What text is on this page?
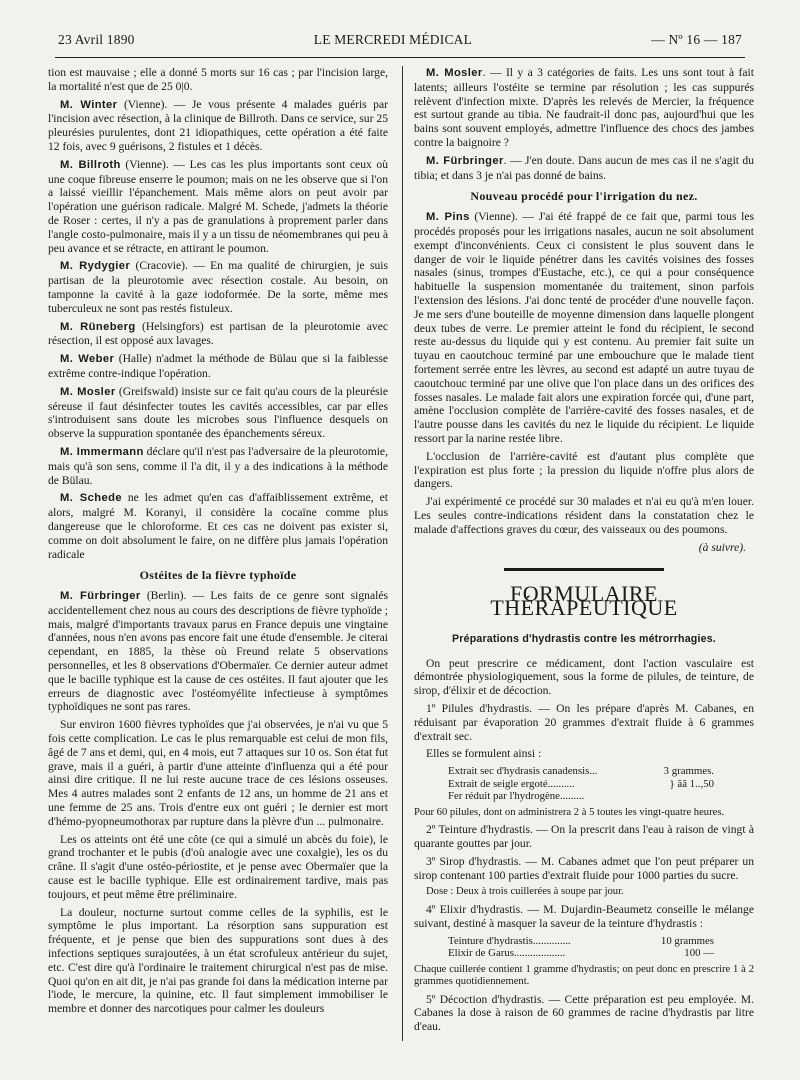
23 Avril 1890	LE MERCREDI MÉDICAL	— Nº 16 — 187

tion est mauvaise ; elle a donné 5 morts sur 16 cas ; par l'incision large, la mortalité n'est que de 25 0|0.

M. Winter (Vienne). — Je vous présente 4 malades guéris par l'incision avec résection, à la clinique de Billroth. Dans ce service, sur 25 pleurésies purulentes, dont 21 idiopathiques, cette opération a été faite 12 fois, avec 9 guérisons, 2 fistules et 1 décès.

M. Billroth (Vienne). — Les cas les plus importants sont ceux où une coque fibreuse enserre le poumon; mais on ne les observe que si l'on a laissé vieillir l'épanchement. Mais même alors on peut avoir par l'opération une guérison radicale. Malgré M. Schede, j'admets la théorie de Roser : certes, il n'y a pas de granulations à proprement parler dans l'angle costo-pulmonaire, mais il y a un tissu de néomembranes qui peu à peu avance et se rétracte, en attirant le poumon.

M. Rydygier (Cracovie). — En ma qualité de chirurgien, je suis partisan de la pleurotomie avec résection costale. Au besoin, on tamponne la cavité à la gaze iodoformée. De la sorte, même mes tuberculeux ne sont pas restés fistuleux.

M. Rüneberg (Helsingfors) est partisan de la pleurotomie avec résection, il est opposé aux lavages.

M. Weber (Halle) n'admet la méthode de Bülau que si la faiblesse extrême contre-indique l'opération.

M. Mosler (Greifswald) insiste sur ce fait qu'au cours de la pleurésie séreuse il faut désinfecter toutes les cavités accessibles, car par elles s'introduisent sans doute les microbes sous l'influence desquels on observe la suppuration spontanée des épanchements séreux.

M. Immermann déclare qu'il n'est pas l'adversaire de la pleurotomie, mais qu'à son sens, comme il l'a dit, il y a des indications à la méthode de Bülau.

M. Schede ne les admet qu'en cas d'affaiblissement extrême, et alors, malgré M. Koranyi, il considère la cocaïne comme plus dangereuse que le chloroforme. Et ces cas ne doivent pas exister si, comme on doit absolument le faire, on ne diffère plus jamais l'opération radicale

Ostéites de la fièvre typhoïde

M. Fürbringer (Berlin). — Les faits de ce genre sont signalés accidentellement chez nous au cours des descriptions de fièvre typhoïde ; mais, malgré d'importants travaux parus en France depuis une vingtaine d'années, nous n'en avons pas encore fait une étude d'ensemble. Je citerai cependant, en 1885, la thèse où Freund relate 5 observations personnelles, et les 8 observations d'Obermaïer. Ce dernier auteur admet que le bacille typhique est la cause de ces ostéites. Il faut ajouter que les erreurs de diagnostic avec l'ostéomyélite infectieuse à symptômes typhoïdiques ne sont pas rares.

Sur environ 1600 fièvres typhoïdes que j'ai observées, je n'ai vu que 5 fois cette complication. Le cas le plus remarquable est celui de mon fils, âgé de 7 ans et demi, qui, en 4 mois, eut 7 attaques sur 10 os. Son état fut grave, mais il a guéri, à partir d'une atteinte d'influenza qui a été pour ainsi dire critique. Il ne lui reste aucune trace de ces lésions osseuses. Mes 4 autres malades sont 2 enfants de 12 ans, un homme de 21 ans et une femme de 25 ans. Trois d'entre eux ont guéri ; le dernier est mort d'hémo-pyopneumothorax par rupture dans la plèvre d'un ... pulmonaire.

Les os atteints ont été une côte (ce qui a simulé un abcès du foie), le grand trochanter et le pubis (d'où analogie avec une coxalgie), les os du crâne. Il s'agit d'une ostéo-périostite, et je pense avec Obermaïer que la cause est le bacille typhique. Elle est ordinairement tardive, mais pas toujours, et peut même être préliminaire.

La douleur, nocturne surtout comme celles de la syphilis, est le symptôme le plus important. La résorption sans suppuration est fréquente, et je pense que bien des suppurations sont dues à des infections septiques surajoutées, à un état scrofuleux antérieur du sujet, etc. C'est dire qu'à l'ordinaire le traitement chirurgical n'est pas de mise. Quoi qu'on en ait dit, je n'ai pas grande foi dans la médication interne par l'iode, le mercure, la quinine, etc. Il faut simplement immobiliser le membre et donner des narcotiques pour calmer les douleurs

M. Mosler. — Il y a 3 catégories de faits. Les uns sont tout à fait latents; ailleurs l'ostéite se termine par résolution ; les cas suppurés relèvent d'infection mixte. D'après les relevés de Mercier, la fréquence est surtout grande au tibia. Ne faudrait-il donc pas, aujourd'hui que les bains sont souvent employés, admettre l'influence des chocs des jambes contre la baignoire ?

M. Fürbringer. — J'en doute. Dans aucun de mes cas il ne s'agit du tibia; et dans 3 je n'ai pas donné de bains.

Nouveau procédé pour l'irrigation du nez.

M. Pins (Vienne). — J'ai été frappé de ce fait que, parmi tous les procédés proposés pour les irrigations nasales, aucun ne soit absolument exempt d'inconvénients. Ceux ci consistent le plus souvent dans le danger de voir le liquide pénétrer dans les cavités voisines des fosses nasales (sinus, trompes d'Eustache, etc.), ce qui a pour conséquence habituelle la suspension momentanée du traitement, sinon parfois l'extension des lésions. J'ai donc tenté de procéder d'une nouvelle façon. Je me sers d'une bouteille de moyenne dimension dans laquelle plongent deux tubes de verre. Le premier atteint le fond du récipient, le second reste au-dessus du liquide qui y est contenu. Au premier fait suite un tuyau en caoutchouc terminé par une embouchure que le malade tient fortement serrée entre les lèvres, au second est adapté un autre tuyau de caoutchouc terminé par une olive que l'on place dans un des orifices des fosses nasales. Le malade fait alors une expiration forcée qui, d'une part, amène l'occlusion complète de l'arrière-cavité des fosses nasales, et de l'autre pousse dans les cavités du nez le liquide du récipient. Le liquide ressort par la narine restée libre.

L'occlusion de l'arrière-cavité est d'autant plus complète que l'expiration est plus forte ; la pression du liquide n'offre plus alors de dangers.

J'ai expérimenté ce procédé sur 30 malades et n'ai eu qu'à m'en louer. Les seules contre-indications résident dans la constatation chez le malade d'affections graves du cœur, des vaisseaux ou des poumons.

(à suivre).
FORMULAIRE THÉRAPEUTIQUE
Préparations d'hydrastis contre les métrorrhagies.

On peut prescrire ce médicament, dont l'action vasculaire est démontrée physiologiquement, sous la forme de pilules, de teinture, de sirop, d'élixir et de décoction.

1º Pilules d'hydrastis. — On les prépare d'après M. Cabanes, en réduisant par évaporation 20 grammes d'extrait fluide à 6 grammes d'extrait sec.

Elles se formulent ainsi :

Extrait sec d'hydrasis canadensis...	3 grammes.
Extrait de seigle ergoté..........	} ãã 1..,50
Fer réduit par l'hydrogène.........

Pour 60 pilules, dont on administrera 2 à 5 toutes les vingt-quatre heures.

2º Teinture d'hydrastis. — On la prescrit dans l'eau à raison de vingt à quarante gouttes par jour.

3º Sirop d'hydrastis. — M. Cabanes admet que l'on peut préparer un sirop contenant 100 parties d'extrait fluide pour 1000 parties du sucre.

Dose : Deux à trois cuillerées à soupe par jour.

4º Elixir d'hydrastis. — M. Dujardin-Beaumetz conseille le mélange suivant, destiné à masquer la saveur de la teinture d'hydrastis :

Teinture d'hydrastis..............	10 grammes
Elixir de Garus...................	100 —

Chaque cuillerée contient 1 gramme d'hydrastis; on peut donc en prescrire 1 à 2 grammes quotidiennement.

5º Décoction d'hydrastis. — Cette préparation est peu employée. M. Cabanes la dose à raison de 60 grammes de racine d'hydrastis par litre d'eau.
